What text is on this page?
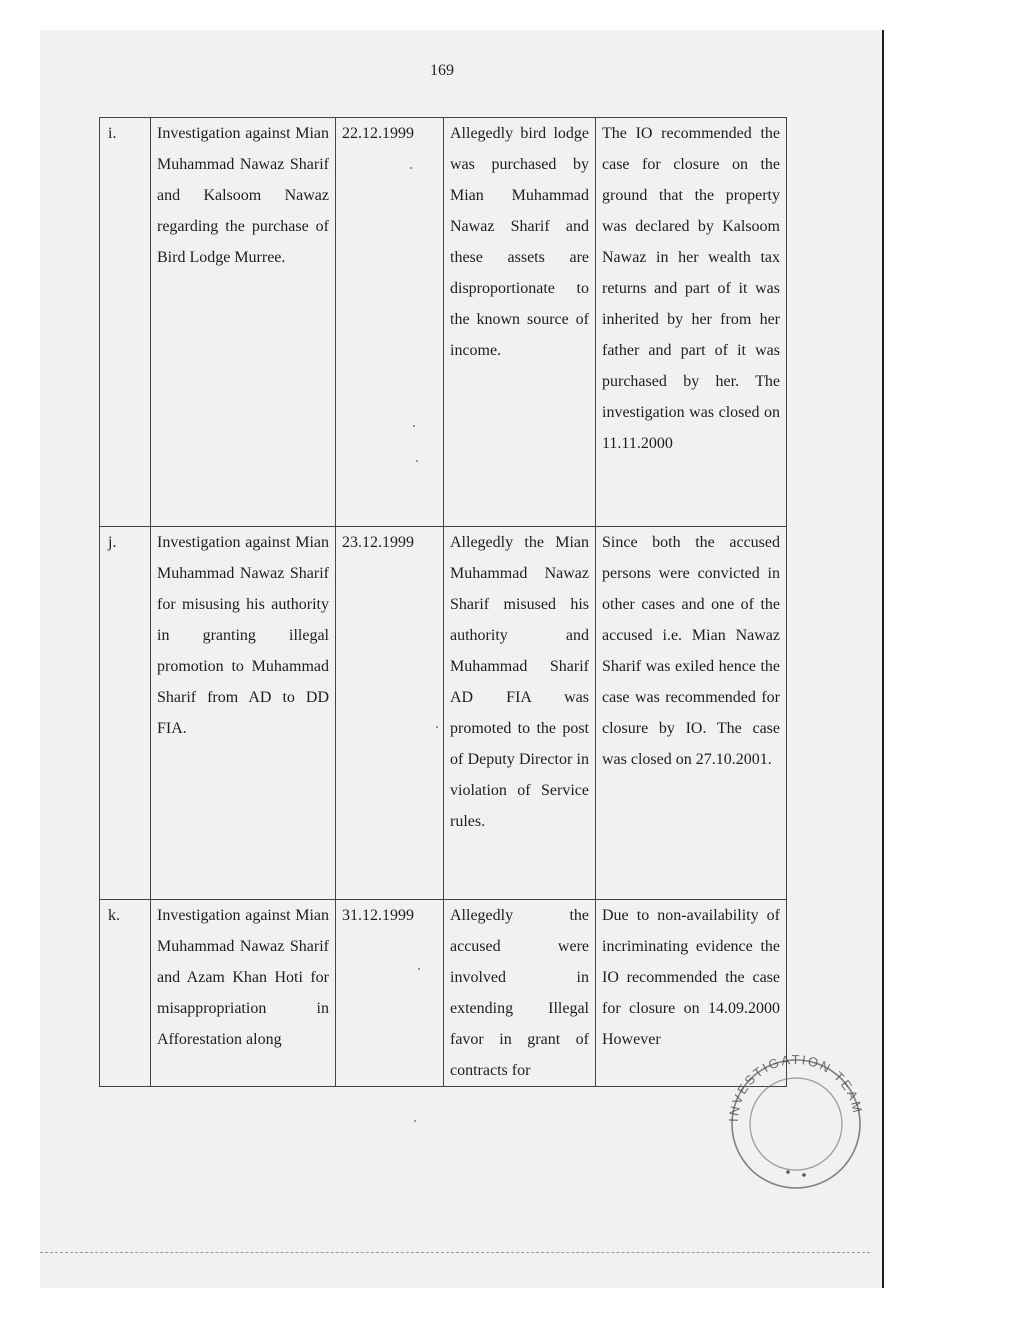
169
i.	Investigation against Mian Muhammad Nawaz Sharif and Kalsoom Nawaz regarding the purchase of Bird Lodge Murree.	22.12.1999	Allegedly bird lodge was purchased by Mian Muhammad Nawaz Sharif and these assets are disproportionate to the known source of income.	The IO recommended the case for closure on the ground that the property was declared by Kalsoom Nawaz in her wealth tax returns and part of it was inherited by her from her father and part of it was purchased by her. The investigation was closed on 11.11.2000
j.	Investigation against Mian Muhammad Nawaz Sharif for misusing his authority in granting illegal promotion to Muhammad Sharif from AD to DD FIA.	23.12.1999	Allegedly the Mian Muhammad Nawaz Sharif misused his authority and Muhammad Sharif AD FIA was promoted to the post of Deputy Director in violation of Service rules.	Since both the accused persons were convicted in other cases and one of the accused i.e. Mian Nawaz Sharif was exiled hence the case was recommended for closure by IO. The case was closed on 27.10.2001.
k.	Investigation against Mian Muhammad Nawaz Sharif and Azam Khan Hoti for misappropriation in Afforestation along	31.12.1999	Allegedly the accused were involved in extending Illegal favor in grant of contracts for	Due to non-availability of incriminating evidence the IO recommended the case for closure on 14.09.2000 However
INVESTIGATION TEAM
